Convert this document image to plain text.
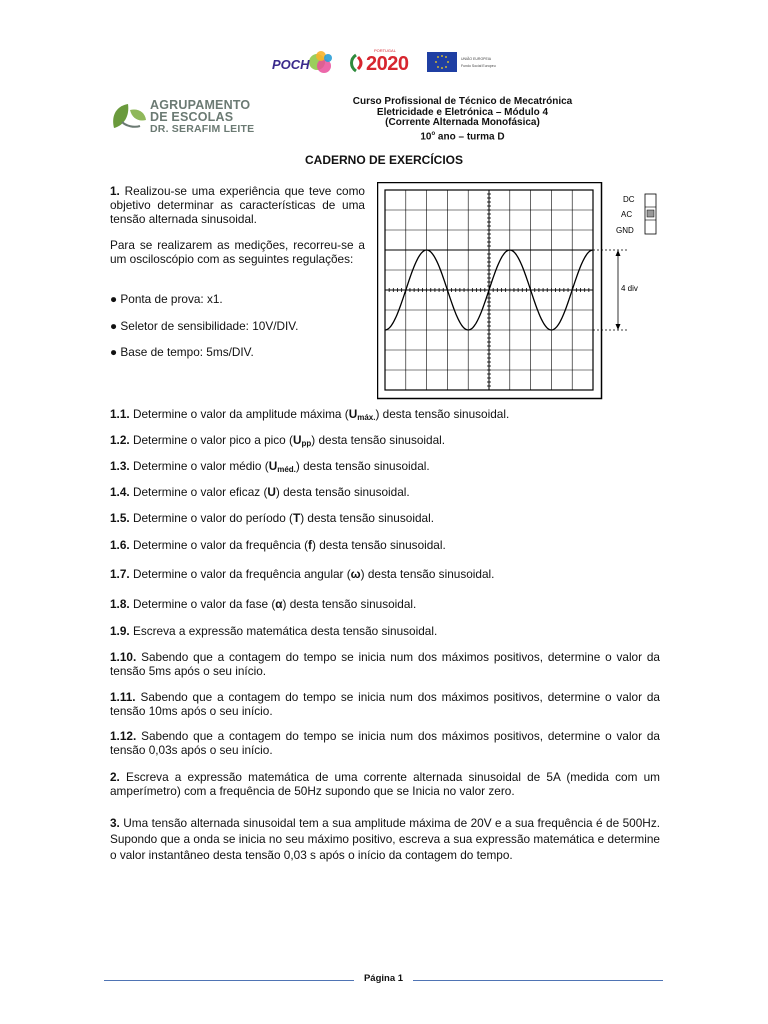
POCH
PORTUGAL
2020	UNIÃO EUROPEIA
Fundo Social Europeu
AGRUPAMENTO
DE ESCOLAS
DR. SERAFIM LEITE
Curso Profissional de Técnico de Mecatrónica
Eletricidade e Eletrónica – Módulo 4
(Corrente Alternada Monofásica)
10$^o$ ano – turma D
CADERNO DE EXERCÍCIOS
1. Realizou-se uma experiência que teve como objetivo determinar as características de uma tensão alternada sinusoidal.
Para se realizarem as medições, recorreu-se a um osciloscópio com as seguintes regulações:
● Ponta de prova: x1.
● Seletor de sensibilidade: 10V/DIV.
● Base de tempo: 5ms/DIV.
4 div
DC
AC
GND
1.1. Determine o valor da amplitude máxima $(U_{máx.})$ desta tensão sinusoidal.
1.2. Determine o valor pico a pico $(U_{pp})$ desta tensão sinusoidal.
1.3. Determine o valor médio $(U_{méd.})$ desta tensão sinusoidal.
1.4. Determine o valor eficaz (U) desta tensão sinusoidal.
1.5. Determine o valor do período (T) desta tensão sinusoidal.
1.6. Determine o valor da frequência (f) desta tensão sinusoidal.
1.7. Determine o valor da frequência angular (ω) desta tensão sinusoidal.
1.8. Determine o valor da fase (α) desta tensão sinusoidal.
1.9. Escreva a expressão matemática desta tensão sinusoidal.
1.10. Sabendo que a contagem do tempo se inicia num dos máximos positivos, determine o valor da tensão 5ms após o seu início.
1.11. Sabendo que a contagem do tempo se inicia num dos máximos positivos, determine o valor da tensão 10ms após o seu início.
1.12. Sabendo que a contagem do tempo se inicia num dos máximos positivos, determine o valor da tensão 0,03s após o seu início.
2. Escreva a expressão matemática de uma corrente alternada sinusoidal de 5A (medida com um amperímetro) com a frequência de 50Hz supondo que se Inicia no valor zero.
3. Uma tensão alternada sinusoidal tem a sua amplitude máxima de 20V e a sua frequência é de 500Hz. Supondo que a onda se inicia no seu máximo positivo, escreva a sua expressão matemática e determine o valor instantâneo desta tensão 0,03 s após o início da contagem do tempo.
Página 1
